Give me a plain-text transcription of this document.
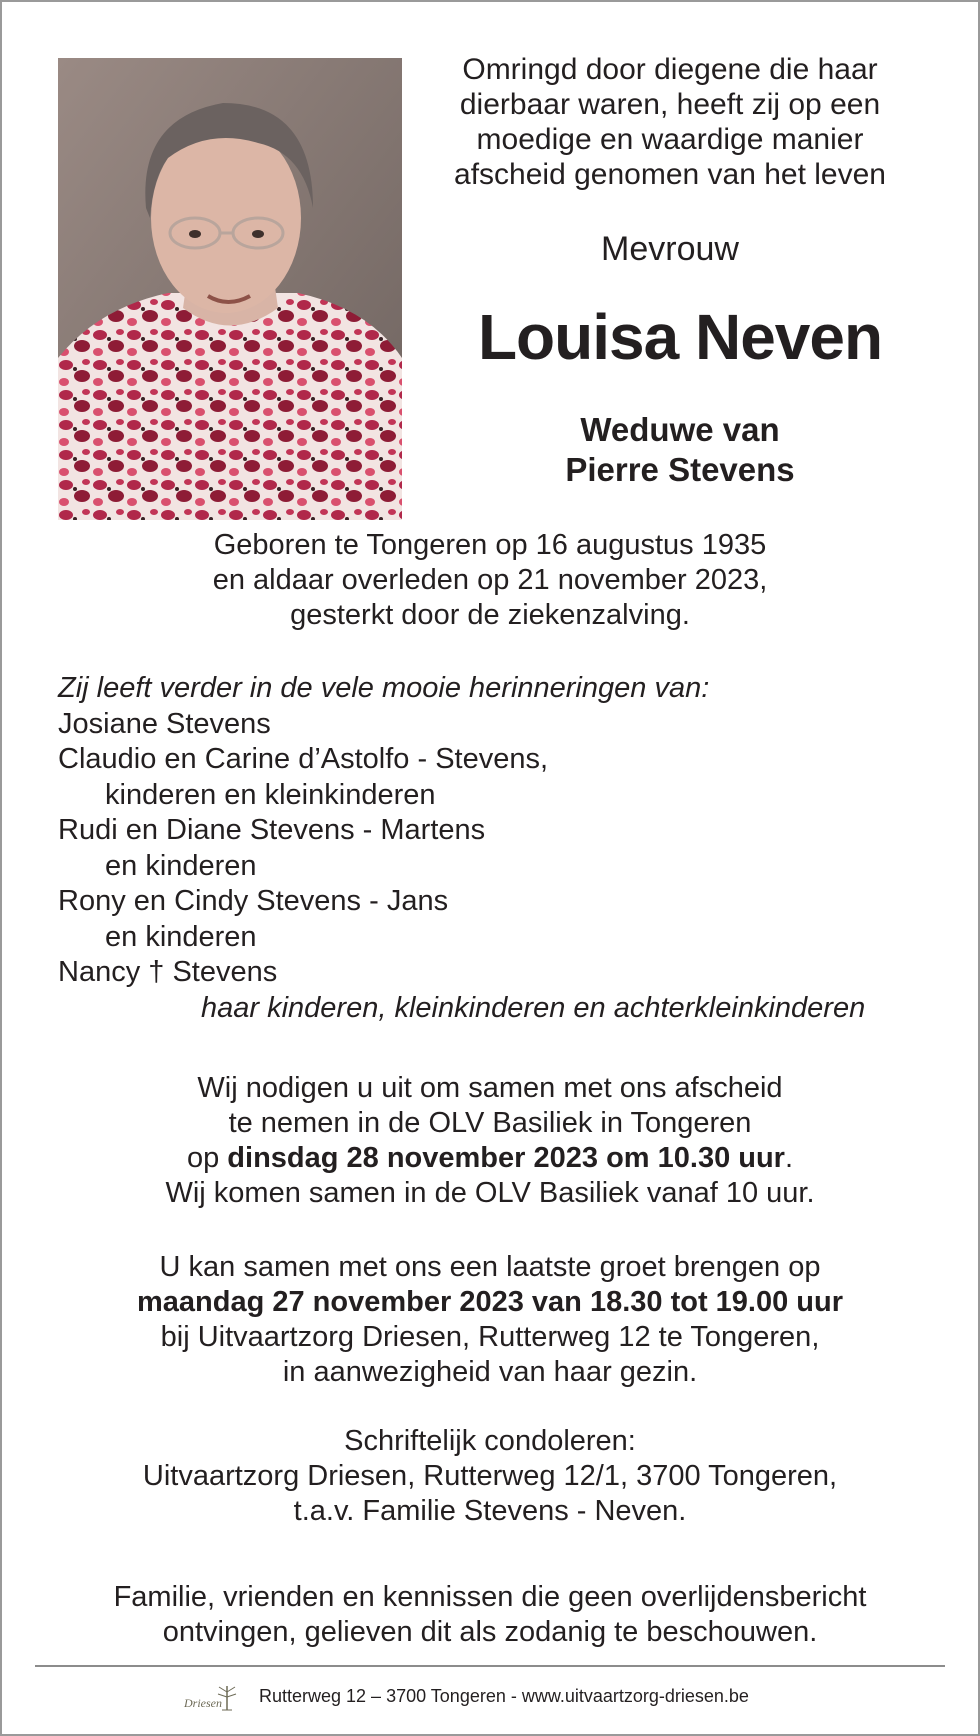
Omringd door diegene die haar
dierbaar waren, heeft zij op een
moedige en waardige manier
afscheid genomen van het leven
Mevrouw
Louisa Neven
Weduwe van
Pierre Stevens
Geboren te Tongeren op 16 augustus 1935
en aldaar overleden op 21 november 2023,
gesterkt door de ziekenzalving.
Zij leeft verder in de vele mooie herinneringen van:
Josiane Stevens
Claudio en Carine d’Astolfo - Stevens,
kinderen en kleinkinderen
Rudi en Diane Stevens - Martens
en kinderen
Rony en Cindy Stevens - Jans
en kinderen
Nancy † Stevens
haar kinderen, kleinkinderen en achterkleinkinderen
Wij nodigen u uit om samen met ons afscheid
te nemen in de OLV Basiliek in Tongeren
op dinsdag 28 november 2023 om 10.30 uur.
Wij komen samen in de OLV Basiliek vanaf 10 uur.
U kan samen met ons een laatste groet brengen op
maandag 27 november 2023 van 18.30 tot 19.00 uur
bij Uitvaartzorg Driesen, Rutterweg 12 te Tongeren,
in aanwezigheid van haar gezin.
Schriftelijk condoleren:
Uitvaartzorg Driesen, Rutterweg 12/1, 3700 Tongeren,
t.a.v. Familie Stevens - Neven.
Familie, vrienden en kennissen die geen overlijdensbericht
ontvingen, gelieven dit als zodanig te beschouwen.
Driesen Rutterweg 12 – 3700 Tongeren - www.uitvaartzorg-driesen.be
